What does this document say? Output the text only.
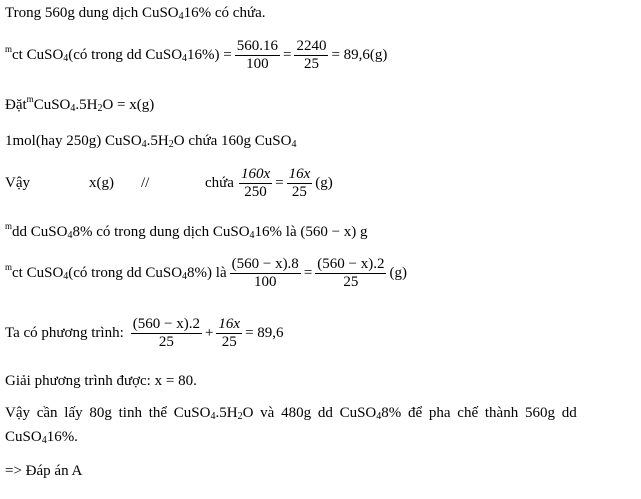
Trong 560g dung dịch CuSO$_4$ 16% có chứa.
m ct CuSO$_4$ (có trong dd CuSO$_4$ $16\%) = \frac{560.16}{100} = \frac{2240}{25} = 89,6(g)$
Đặt m CuSO$_4$ $.5H_2$ O = x(g)
1mol(hay 250g) CuSO$_4$ $.5H_2$ O chứa 160g CuSO$_4$
Vậy	x(g)	//	chứa $\frac{160x}{250} = \frac{16x}{25} (g)$
m dd CuSO$_4$ 8% có trong dung dịch CuSO$_4$ 16% là (560 − x) g
m ct CuSO$_4$ (có trong dd CuSO$_4$ 8%) là $\frac{(560 - x).8}{100} = \frac{(560 - x).2}{25} (g)$
Ta có phương trình: $\frac{(560 - x).2}{25} + \frac{16x}{25} = 89,6$
Giải phương trình được: x = 80.
Vậy cần lấy 80g tinh thể CuSO$_4$ $.5H_2$ O và 480g dd CuSO$_4$ 8% để pha chế thành 560g dd
CuSO$_4$ 16%.
=> Đáp án A
